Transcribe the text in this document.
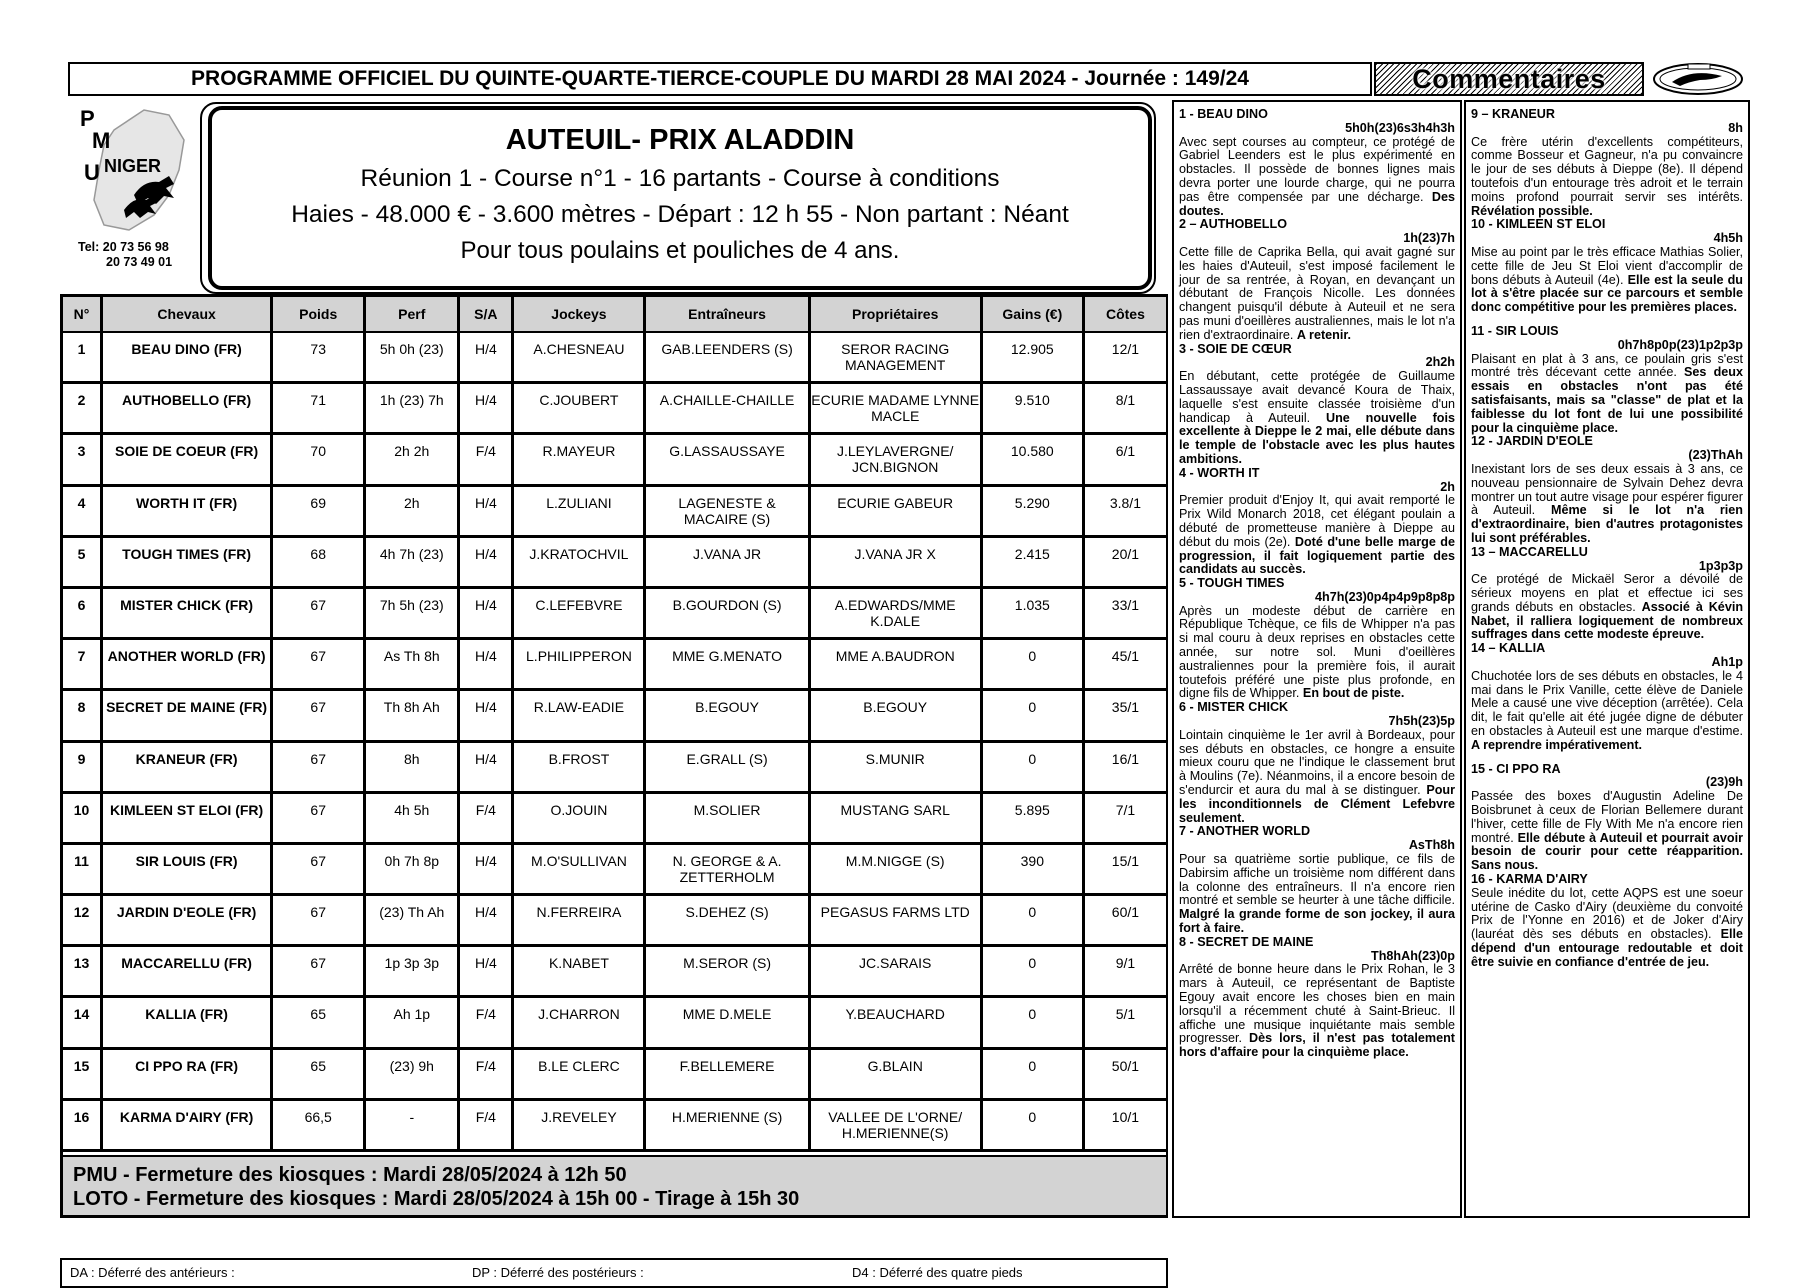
PROGRAMME OFFICIEL DU QUINTE-QUARTE-TIERCE-COUPLE DU MARDI 28 MAI 2024 - Journée : 149/24	Commentaires
P
M
U NIGER
Tel: 20 73 56 98
20 73 49 01
AUTEUIL- PRIX ALADDIN
Réunion 1 - Course n°1 - 16 partants - Course à conditions
Haies - 48.000 € - 3.600 mètres - Départ : 12 h 55 - Non partant : Néant
Pour tous poulains et pouliches de 4 ans.
N°	Chevaux	Poids	Perf	S/A	Jockeys	Entraîneurs	Propriétaires	Gains (€)	Côtes
1	BEAU DINO (FR)	73	5h 0h (23)	H/4	A.CHESNEAU	GAB.LEENDERS (S)	SEROR RACING MANAGEMENT	12.905	12/1
2	AUTHOBELLO (FR)	71	1h (23) 7h	H/4	C.JOUBERT	A.CHAILLE-CHAILLE	ECURIE MADAME LYNNE MACLE	9.510	8/1
3	SOIE DE COEUR (FR)	70	2h 2h	F/4	R.MAYEUR	G.LASSAUSSAYE	J.LEYLAVERGNE/ JCN.BIGNON	10.580	6/1
4	WORTH IT (FR)	69	2h	H/4	L.ZULIANI	LAGENESTE & MACAIRE (S)	ECURIE GABEUR	5.290	3.8/1
5	TOUGH TIMES (FR)	68	4h 7h (23)	H/4	J.KRATOCHVIL	J.VANA JR	J.VANA JR X	2.415	20/1
6	MISTER CHICK (FR)	67	7h 5h (23)	H/4	C.LEFEBVRE	B.GOURDON (S)	A.EDWARDS/MME K.DALE	1.035	33/1
7	ANOTHER WORLD (FR)	67	As Th 8h	H/4	L.PHILIPPERON	MME G.MENATO	MME A.BAUDRON	0	45/1
8	SECRET DE MAINE (FR)	67	Th 8h Ah	H/4	R.LAW-EADIE	B.EGOUY	B.EGOUY	0	35/1
9	KRANEUR (FR)	67	8h	H/4	B.FROST	E.GRALL (S)	S.MUNIR	0	16/1
10	KIMLEEN ST ELOI (FR)	67	4h 5h	F/4	O.JOUIN	M.SOLIER	MUSTANG SARL	5.895	7/1
11	SIR LOUIS (FR)	67	0h 7h 8p	H/4	M.O'SULLIVAN	N. GEORGE & A. ZETTERHOLM	M.M.NIGGE (S)	390	15/1
12	JARDIN D'EOLE (FR)	67	(23) Th Ah	H/4	N.FERREIRA	S.DEHEZ (S)	PEGASUS FARMS LTD	0	60/1
13	MACCARELLU (FR)	67	1p 3p 3p	H/4	K.NABET	M.SEROR (S)	JC.SARAIS	0	9/1
14	KALLIA (FR)	65	Ah 1p	F/4	J.CHARRON	MME D.MELE	Y.BEAUCHARD	0	5/1
15	CI PPO RA (FR)	65	(23) 9h	F/4	B.LE CLERC	F.BELLEMERE	G.BLAIN	0	50/1
16	KARMA D'AIRY (FR)	66,5	-	F/4	J.REVELEY	H.MERIENNE (S)	VALLEE DE L'ORNE/ H.MERIENNE(S)	0	10/1
PMU - Fermeture des kiosques : Mardi 28/05/2024 à 12h 50
LOTO - Fermeture des kiosques : Mardi 28/05/2024 à 15h 00 - Tirage à 15h 30
1 - BEAU DINO
5h0h(23)6s3h4h3h
Avec sept courses au compteur, ce protégé de Gabriel Leenders est le plus expérimenté en obstacles. Il possède de bonnes lignes mais devra porter une lourde charge, qui ne pourra pas être compensée par une décharge. Des doutes.
2 – AUTHOBELLO
1h(23)7h
Cette fille de Caprika Bella, qui avait gagné sur les haies d'Auteuil, s'est imposé facilement le jour de sa rentrée, à Royan, en devançant un débutant de François Nicolle. Les données changent puisqu'il débute à Auteuil et ne sera pas muni d'oeillères australiennes, mais le lot n'a rien d'extraordinaire. A retenir.
3 - SOIE DE CŒUR
2h2h
En débutant, cette protégée de Guillaume Lassaussaye avait devancé Koura de Thaix, laquelle s'est ensuite classée troisième d'un handicap à Auteuil. Une nouvelle fois excellente à Dieppe le 2 mai, elle débute dans le temple de l'obstacle avec les plus hautes ambitions.
4 - WORTH IT
2h
Premier produit d'Enjoy It, qui avait remporté le Prix Wild Monarch 2018, cet élégant poulain a débuté de prometteuse manière à Dieppe au début du mois (2e). Doté d'une belle marge de progression, il fait logiquement partie des candidats au succès.
5 - TOUGH TIMES
4h7h(23)0p4p4p9p8p8p
Après un modeste début de carrière en République Tchèque, ce fils de Whipper n'a pas si mal couru à deux reprises en obstacles cette année, sur notre sol. Muni d'oeillères australiennes pour la première fois, il aurait toutefois préféré une piste plus profonde, en digne fils de Whipper. En bout de piste.
6 - MISTER CHICK
7h5h(23)5p
Lointain cinquième le 1er avril à Bordeaux, pour ses débuts en obstacles, ce hongre a ensuite mieux couru que ne l'indique le classement brut à Moulins (7e). Néanmoins, il a encore besoin de s'endurcir et aura du mal à se distinguer. Pour les inconditionnels de Clément Lefebvre seulement.
7 - ANOTHER WORLD
AsTh8h
Pour sa quatrième sortie publique, ce fils de Dabirsim affiche un troisième nom différent dans la colonne des entraîneurs. Il n'a encore rien montré et semble se heurter à une tâche difficile. Malgré la grande forme de son jockey, il aura fort à faire.
8 - SECRET DE MAINE
Th8hAh(23)0p
Arrêté de bonne heure dans le Prix Rohan, le 3 mars à Auteuil, ce représentant de Baptiste Egouy avait encore les choses bien en main lorsqu'il a récemment chuté à Saint-Brieuc. Il affiche une musique inquiétante mais semble progresser. Dès lors, il n'est pas totalement hors d'affaire pour la cinquième place.
9 – KRANEUR
8h
Ce frère utérin d'excellents compétiteurs, comme Bosseur et Gagneur, n'a pu convaincre le jour de ses débuts à Dieppe (8e). Il dépend toutefois d'un entourage très adroit et le terrain moins profond pourrait servir ses intérêts. Révélation possible.
10 - KIMLEEN ST ELOI
4h5h
Mise au point par le très efficace Mathias Solier, cette fille de Jeu St Eloi vient d'accomplir de bons débuts à Auteuil (4e). Elle est la seule du lot à s'être placée sur ce parcours et semble donc compétitive pour les premières places.
11 - SIR LOUIS
0h7h8p0p(23)1p2p3p
Plaisant en plat à 3 ans, ce poulain gris s'est montré très décevant cette année. Ses deux essais en obstacles n'ont pas été satisfaisants, mais sa "classe" de plat et la faiblesse du lot font de lui une possibilité pour la cinquième place.
12 - JARDIN D'EOLE
(23)ThAh
Inexistant lors de ses deux essais à 3 ans, ce nouveau pensionnaire de Sylvain Dehez devra montrer un tout autre visage pour espérer figurer à Auteuil. Même si le lot n'a rien d'extraordinaire, bien d'autres protagonistes lui sont préférables.
13 – MACCARELLU
1p3p3p
Ce protégé de Mickaël Seror a dévoilé de sérieux moyens en plat et effectue ici ses grands débuts en obstacles. Associé à Kévin Nabet, il ralliera logiquement de nombreux suffrages dans cette modeste épreuve.
14 – KALLIA
Ah1p
Chuchotée lors de ses débuts en obstacles, le 4 mai dans le Prix Vanille, cette élève de Daniele Mele a causé une vive déception (arrêtée). Cela dit, le fait qu'elle ait été jugée digne de débuter en obstacles à Auteuil est une marque d'estime. A reprendre impérativement.
15 - CI PPO RA
(23)9h
Passée des boxes d'Augustin Adeline De Boisbrunet à ceux de Florian Bellemere durant l'hiver, cette fille de Fly With Me n'a encore rien montré. Elle débute à Auteuil et pourrait avoir besoin de courir pour cette réapparition. Sans nous.
16 - KARMA D'AIRY
Seule inédite du lot, cette AQPS est une soeur utérine de Casko d'Airy (deuxième du convoité Prix de l'Yonne en 2016) et de Joker d'Airy (lauréat dès ses débuts en obstacles). Elle dépend d'un entourage redoutable et doit être suivie en confiance d'entrée de jeu.
DA : Déferré des antérieurs :	DP : Déferré des postérieurs :	D4 : Déferré des quatre pieds
